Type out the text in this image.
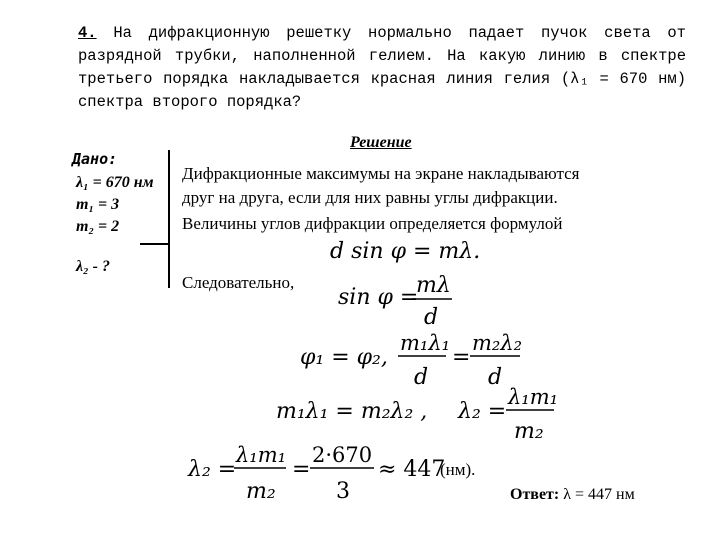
4. На дифракционную решетку нормально падает пучок света от разрядной трубки, наполненной гелием. На какую линию в спектре третьего порядка накладывается красная линия гелия (λ₁ = 670 нм) спектра второго порядка?
Дано:
λ₁ = 670 нм
m₁ = 3
m₂ = 2
λ₂ - ?
Решение
Дифракционные максимумы на экране накладываются
друг на друга, если для них равны углы дифракции.
Величины углов дифракции определяется формулой
Следовательно,
(нм).
d sin φ = mλ.
sin φ =
mλ
d
φ₁ = φ₂,
m₁λ₁
d
=
m₂λ₂
d
m₁λ₁ = m₂λ₂ , λ₂ =
λ₁m₁
m₂
λ₂ =
λ₁m₁
m₂
=
2·670
3
≈ 447
Ответ: λ = 447 нм
